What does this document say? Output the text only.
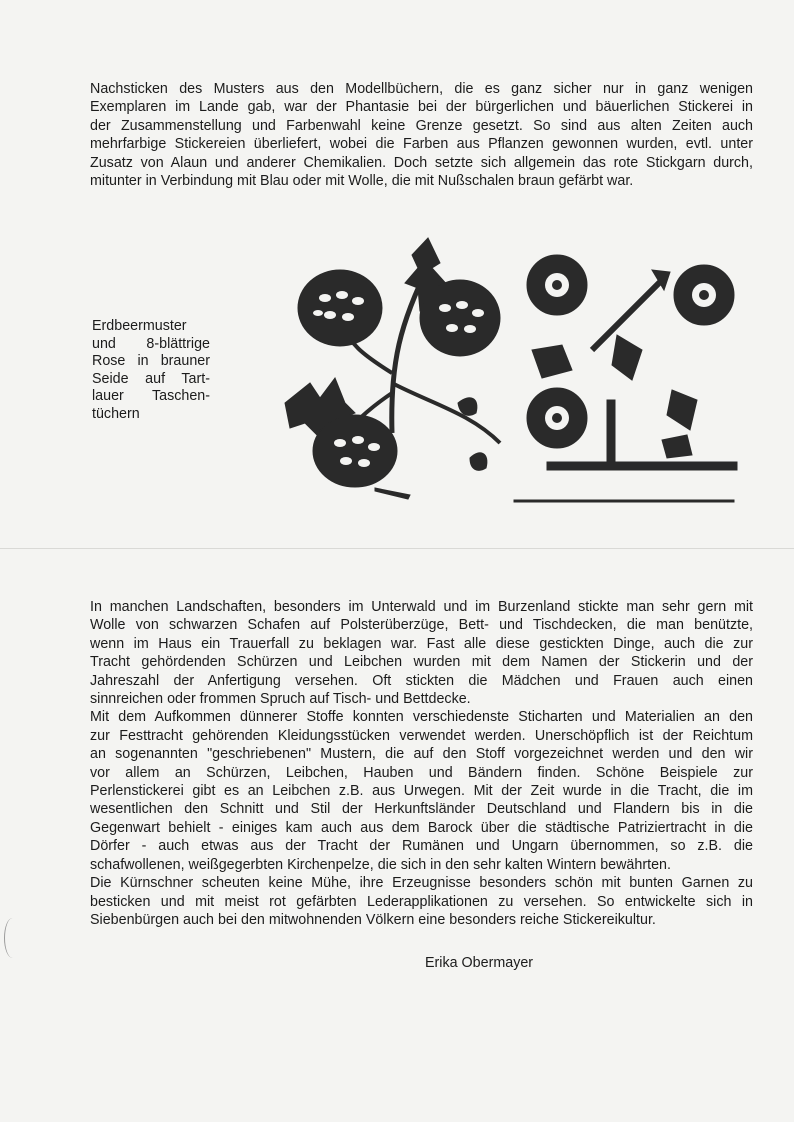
Nachsticken des Musters aus den Modellbüchern, die es ganz sicher nur in ganz wenigen
Exemplaren im Lande gab, war der Phantasie bei der bürgerlichen und bäuerlichen Stickerei in
der Zusammenstellung und Farbenwahl keine Grenze gesetzt. So sind aus alten Zeiten auch
mehrfarbige Stickereien überliefert, wobei die Farben aus Pflanzen gewonnen wurden, evtl. unter
Zusatz von Alaun und anderer Chemikalien. Doch setzte sich allgemein das rote Stickgarn durch,
mitunter in Verbindung mit Blau oder mit Wolle, die mit Nußschalen braun gefärbt war.
Erdbeermuster
und 8-blättrige
Rose in brauner
Seide auf Tart-
lauer Taschen-
tüchern
In manchen Landschaften, besonders im Unterwald und im Burzenland stickte man sehr gern mit
Wolle von schwarzen Schafen auf Polsterüberzüge, Bett- und Tischdecken, die man benützte,
wenn im Haus ein Trauerfall zu beklagen war. Fast alle diese gestickten Dinge, auch die zur
Tracht gehördenden Schürzen und Leibchen wurden mit dem Namen der Stickerin und der
Jahreszahl der Anfertigung versehen. Oft stickten die Mädchen und Frauen auch einen
sinnreichen oder frommen Spruch auf Tisch- und Bettdecke.
Mit dem Aufkommen dünnerer Stoffe konnten verschiedenste Sticharten und Materialien an den
zur Festtracht gehörenden Kleidungsstücken verwendet werden. Unerschöpflich ist der Reichtum
an sogenannten "geschriebenen" Mustern, die auf den Stoff vorgezeichnet werden und den wir
vor allem an Schürzen, Leibchen, Hauben und Bändern finden. Schöne Beispiele zur
Perlenstickerei gibt es an Leibchen z.B. aus Urwegen. Mit der Zeit wurde in die Tracht, die im
wesentlichen den Schnitt und Stil der Herkunftsländer Deutschland und Flandern bis in die
Gegenwart behielt - einiges kam auch aus dem Barock über die städtische Patriziertracht in die
Dörfer - auch etwas aus der Tracht der Rumänen und Ungarn übernommen, so z.B. die
schafwollenen, weißgegerbten Kirchenpelze, die sich in den sehr kalten Wintern bewährten.
Die Kürnschner scheuten keine Mühe, ihre Erzeugnisse besonders schön mit bunten Garnen zu
besticken und mit meist rot gefärbten Lederapplikationen zu versehen. So entwickelte sich in
Siebenbürgen auch bei den mitwohnenden Völkern eine besonders reiche Stickereikultur.
Erika Obermayer
